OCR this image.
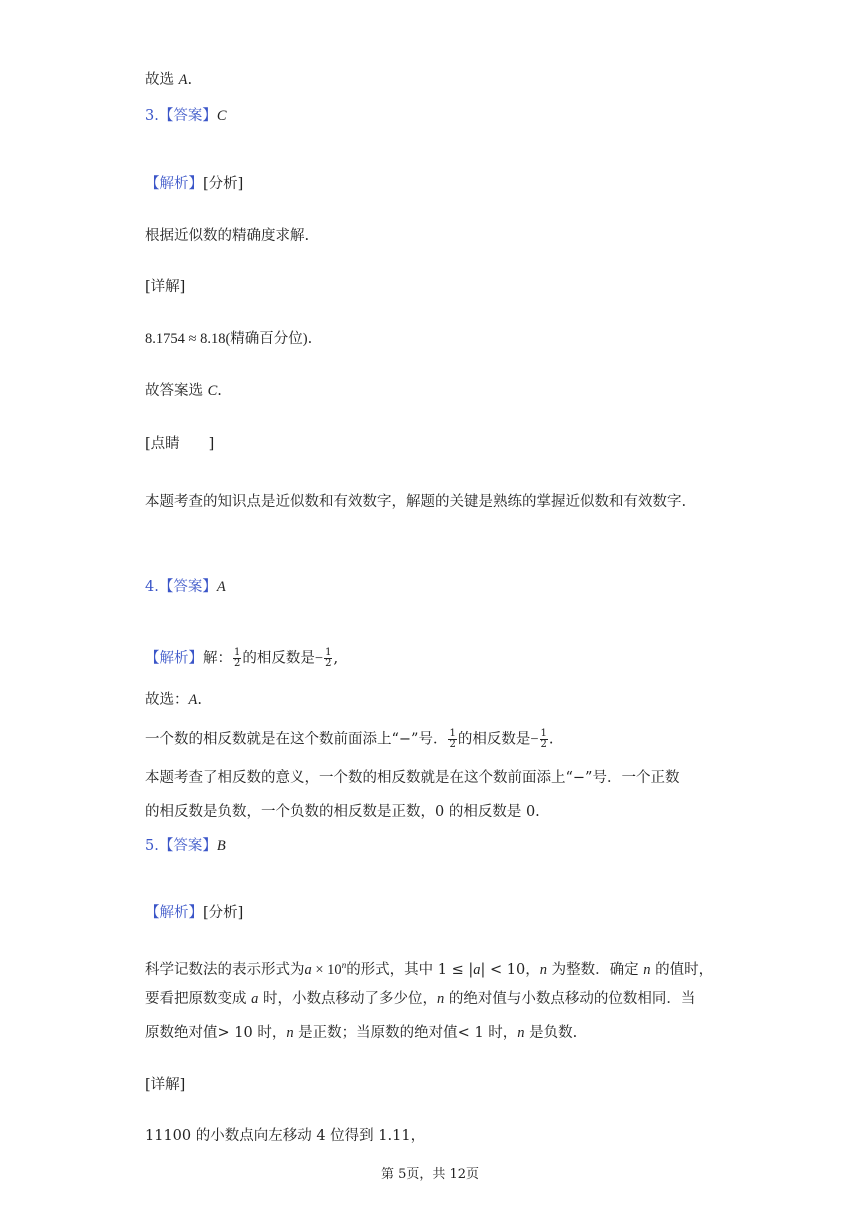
故选 A.
3.【答案】C
【解析】[分析]
根据近似数的精确度求解.
[详解]
8.1754 ≈ 8.18(精确百分位).
故答案选 C.
[点睛　　]
本题考查的知识点是近似数和有效数字，解题的关键是熟练的掌握近似数和有效数字.
4.【答案】A
【解析】解： $\frac{1}{2}$ 的相反数是− $\frac{1}{2}$ ,
故选：A.
一个数的相反数就是在这个数前面添上“−”号． $\frac{1}{2}$ 的相反数是− $\frac{1}{2}$ .
本题考查了相反数的意义，一个数的相反数就是在这个数前面添上“−”号．一个正数
的相反数是负数，一个负数的相反数是正数，0 的相反数是 0.
5.【答案】B
【解析】[分析]
科学记数法的表示形式为$a \times 10^n$的形式，其中 1 ≤ |a| < 10，n 为整数．确定 n 的值时，
要看把原数变成 a 时，小数点移动了多少位，n 的绝对值与小数点移动的位数相同．当
原数绝对值> 10 时，n 是正数；当原数的绝对值< 1 时，n 是负数.
[详解]
11100 的小数点向左移动 4 位得到 1.11，
第 5页，共 12页
